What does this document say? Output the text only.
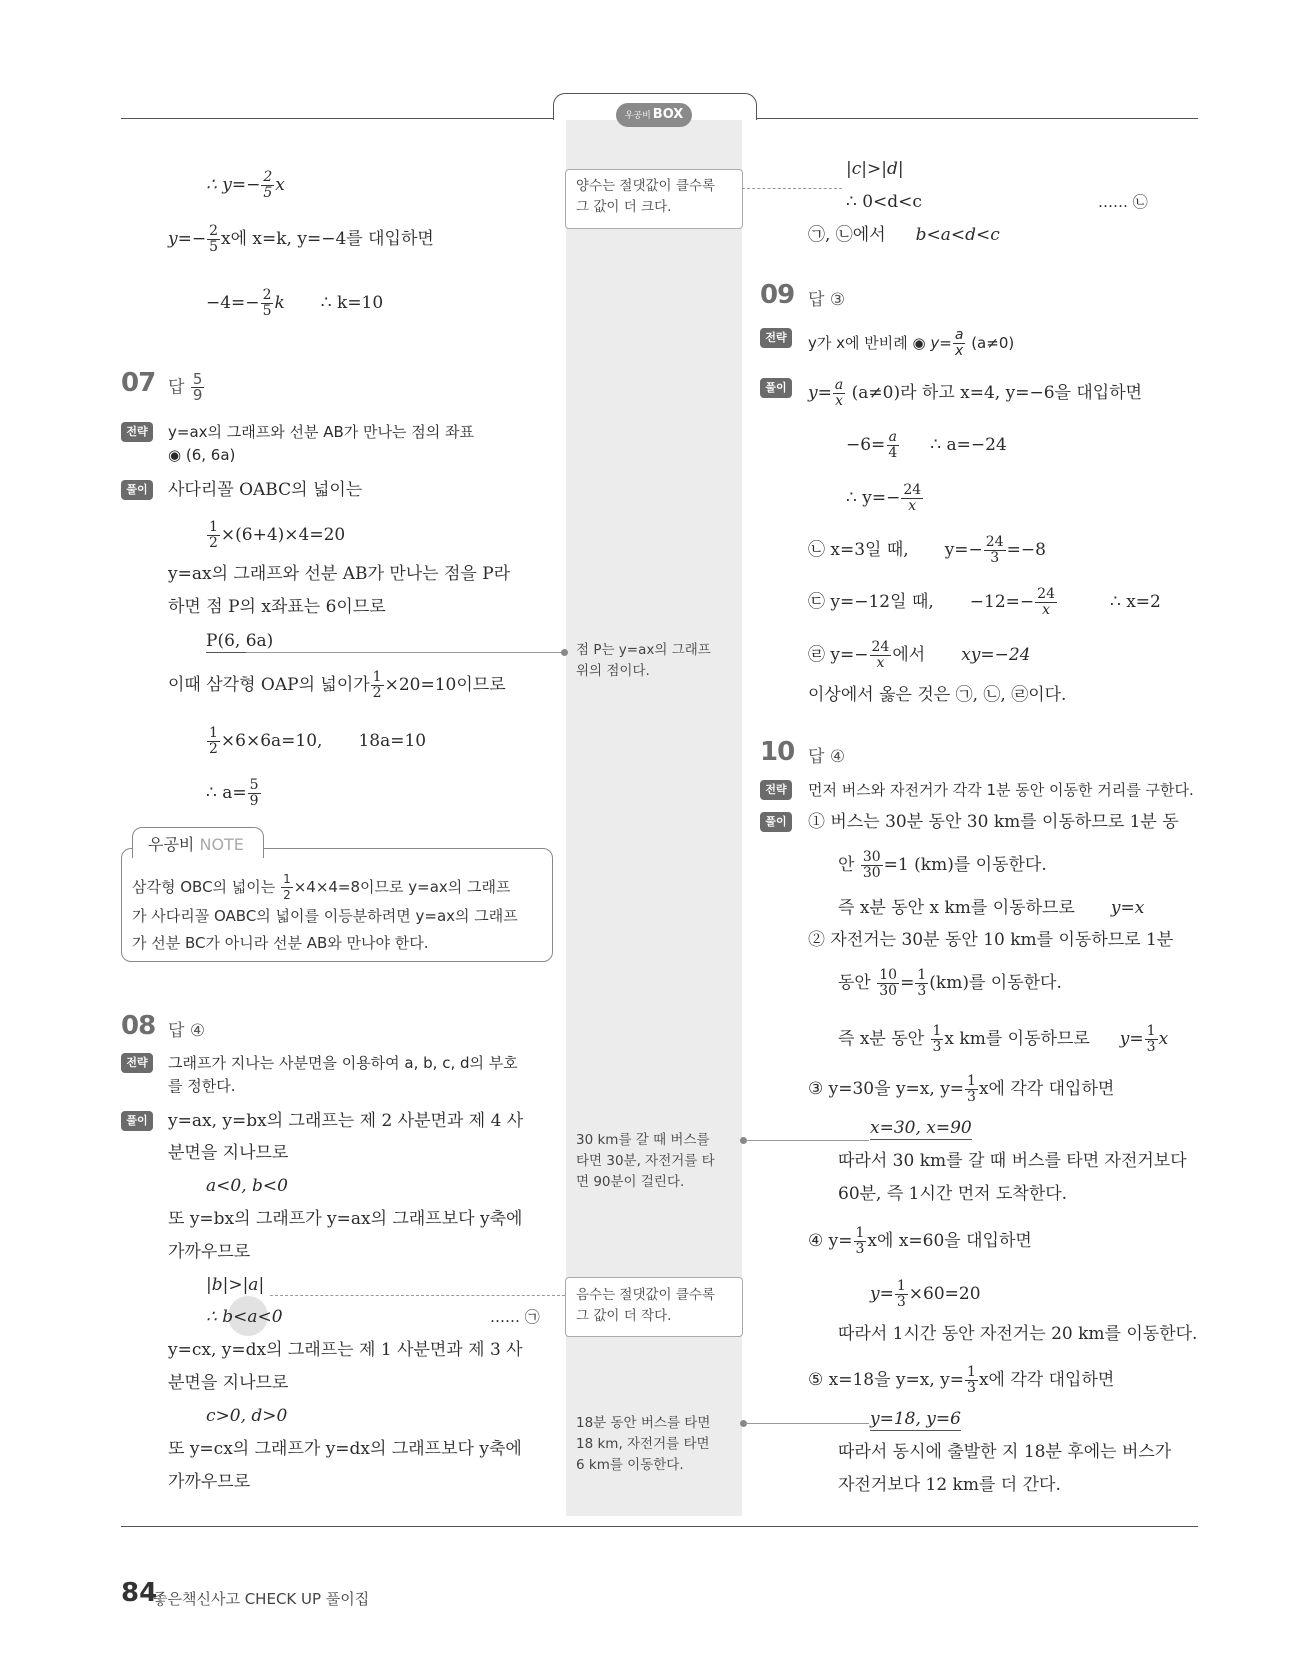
우공비 BOX
∴ $y=- \frac{2}{5}$ x
$y=- \frac{2}{5}$ x에 x=k, y=−4를 대입하면
$-4=- \frac{2}{5}$ k ∴ k=10
07 답 $\frac{5}{9}$
전략	y=ax의 그래프와 선분 AB가 만나는 점의 좌표
◉ (6, 6a)
풀이	사다리꼴 OABC의 넓이는
$\frac{1}{2} \times(6+4)\times 4=20$
y=ax의 그래프와 선분 AB가 만나는 점을 P라
하면 점 P의 x좌표는 6이므로
P(6, 6a)
이때 삼각형 OAP의 넓이가 $\frac{1}{2} \times 20=10$이므로
$\frac{1}{2} \times 6\times 6a=10$, 18a=10
∴ $a= \frac{5}{9}$
우공비 NOTE
삼각형 OBC의 넓이는 $\frac{1}{2} \times 4\times 4=8$이므로 y=ax의 그래프
가 사다리꼴 OABC의 넓이를 이등분하려면 y=ax의 그래프
가 선분 BC가 아니라 선분 AB와 만나야 한다.
08 답 ④
전략	그래프가 지나는 사분면을 이용하여 a, b, c, d의 부호
를 정한다.
풀이	y=ax, y=bx의 그래프는 제 2 사분면과 제 4 사
분면을 지나므로
a<0, b<0
또 y=bx의 그래프가 y=ax의 그래프보다 y축에
가까우므로
|b|>|a|
∴ b<a<0	…… ㉠
y=cx, y=dx의 그래프는 제 1 사분면과 제 3 사
분면을 지나므로
c>0, d>0
또 y=cx의 그래프가 y=dx의 그래프보다 y축에
가까우므로
양수는 절댓값이 클수록
그 값이 더 크다.
점 P는 y=ax의 그래프
위의 점이다.
30 km를 갈 때 버스를
타면 30분, 자전거를 타
면 90분이 걸린다.
음수는 절댓값이 클수록
그 값이 더 작다.
18분 동안 버스를 타면
18 km, 자전거를 타면
6 km를 이동한다.
|c|>|d|
∴ 0<d<c	…… ㉡
㉠, ㉡에서 b<a<d<c
09 답 ③
전략	y가 x에 반비례 ◉ $y= \frac{a}{x} (a\ne 0)$
풀이	$y= \frac{a}{x} (a\ne 0)$라 하고 x=4, y=−6을 대입하면
$-6= \frac{a}{4}$ ∴ a=−24
∴ $y=- \frac{24}{x}$
㉡ x=3일 때, $y=- \frac{24}{3} =-8$
㉢ y=−12일 때, $-12=- \frac{24}{x}$	∴ x=2
㉣ $y=- \frac{24}{x}$ 에서 xy=−24
이상에서 옳은 것은 ㉠, ㉡, ㉣이다.
10 답 ④
전략	먼저 버스와 자전거가 각각 1분 동안 이동한 거리를 구한다.
풀이	① 버스는 30분 동안 30 km를 이동하므로 1분 동
안 $\frac{30}{30} =1$ (km)를 이동한다.
즉 x분 동안 x km를 이동하므로 y=x
② 자전거는 30분 동안 10 km를 이동하므로 1분
동안 $\frac{10}{30} = \frac{1}{3} (km)$를 이동한다.
즉 x분 동안 $\frac{1}{3}$ x km를 이동하므로 $y= \frac{1}{3}$ x
③ y=30을 y=x, $y= \frac{1}{3}$ x에 각각 대입하면
x=30, x=90
따라서 30 km를 갈 때 버스를 타면 자전거보다
60분, 즉 1시간 먼저 도착한다.
④ $y= \frac{1}{3}$ x에 x=60을 대입하면
$y= \frac{1}{3} \times 60=20$
따라서 1시간 동안 자전거는 20 km를 이동한다.
⑤ x=18을 y=x, $y= \frac{1}{3}$ x에 각각 대입하면
y=18, y=6
따라서 동시에 출발한 지 18분 후에는 버스가
자전거보다 12 km를 더 간다.
84
좋은책신사고 CHECK UP 풀이집
